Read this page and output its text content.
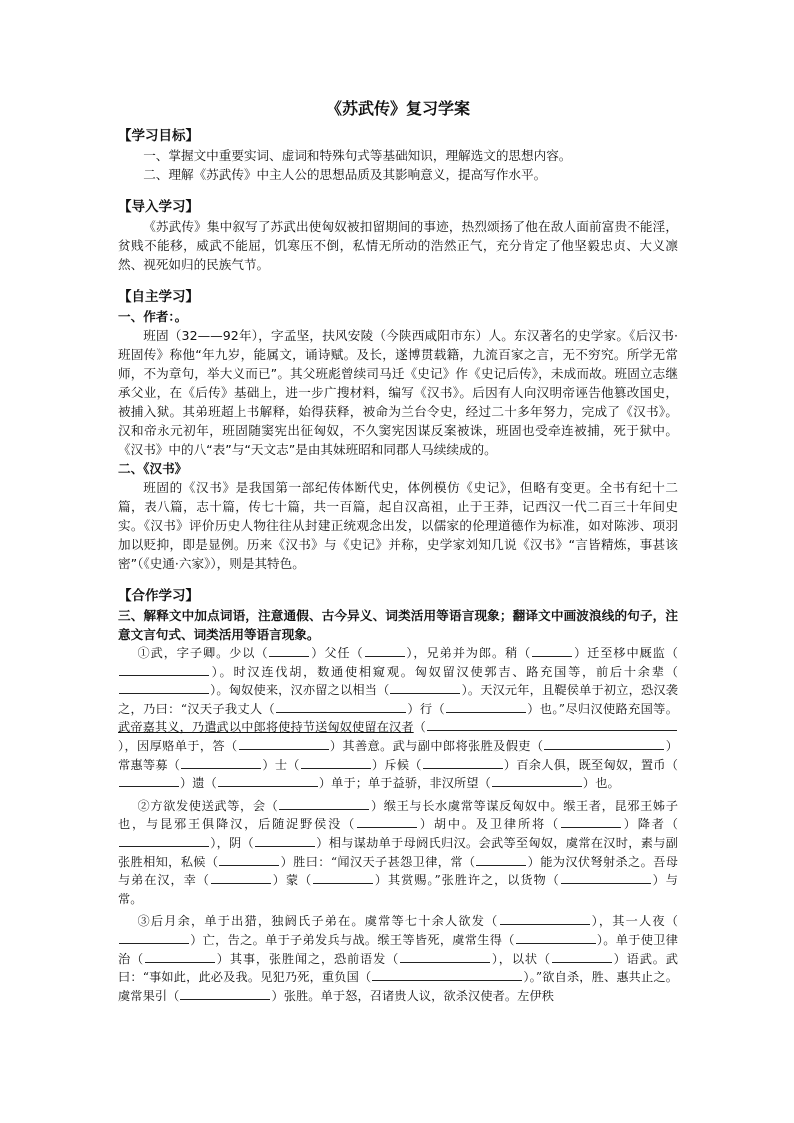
《苏武传》复习学案
【学习目标】
一、掌握文中重要实词、虚词和特殊句式等基础知识，理解选文的思想内容。
二、理解《苏武传》中主人公的思想品质及其影响意义，提高写作水平。
【导入学习】
《苏武传》集中叙写了苏武出使匈奴被扣留期间的事迹，热烈颂扬了他在敌人面前富贵不能淫，贫贱不能移，威武不能屈，饥寒压不倒，私情无所动的浩然正气，充分肯定了他坚毅忠贞、大义凛然、视死如归的民族气节。
【自主学习】
一、作者：。
班固（32——92年），字孟坚，扶风安陵（今陕西咸阳市东）人。东汉著名的史学家。《后汉书·班固传》称他“年九岁，能属文，诵诗赋。及长，遂博贯载籍，九流百家之言，无不穷究。所学无常师，不为章句，举大义而已”。其父班彪曾续司马迁《史记》作《史记后传》，未成而故。班固立志继承父业，在《后传》基础上，进一步广搜材料，编写《汉书》。后因有人向汉明帝诬告他篡改国史，被捕入狱。其弟班超上书解释，始得获释，被命为兰台令史，经过二十多年努力，完成了《汉书》。汉和帝永元初年，班固随窦宪出征匈奴，不久窦宪因谋反案被诛，班固也受牵连被捕，死于狱中。《汉书》中的八“表”与“天文志”是由其妹班昭和同郡人马续续成的。
二、《汉书》
班固的《汉书》是我国第一部纪传体断代史，体例模仿《史记》，但略有变更。全书有纪十二篇，表八篇，志十篇，传七十篇，共一百篇，起自汉高祖，止于王莽，记西汉一代二百三十年间史实。《汉书》评价历史人物往往从封建正统观念出发，以儒家的伦理道德作为标准，如对陈涉、项羽加以贬抑，即是显例。历来《汉书》与《史记》并称，史学家刘知几说《汉书》“言皆精炼，事甚该密”（《史通·六家》），则是其特色。
【合作学习】
三、解释文中加点词语，注意通假、古今异义、词类活用等语言现象；翻译文中画波浪线的句子，注意文言句式、词类活用等语言现象。
①武，字子卿。少以（	）父任（	），兄弟并为郎。稍（	）迁至栘中厩监（）。时汉连伐胡，数通使相窥观。匈奴留汉使郭吉、路充国等，前后十余辈（）。匈奴使来，汉亦留之以相当（	）。天汉元年，且鞮侯单于初立，恐汉袭之，乃曰：“汉天子我丈人（	）行（	）也。”尽归汉使路充国等。武帝嘉其义，乃遣武以中郎将使持节送匈奴使留在汉者（），因厚赂单于，答（	）其善意。武与副中郎将张胜及假吏（	）常惠等募（	）士（	）斥候（	）百余人俱，既至匈奴，置币（）遗（	）单于；单于益骄，非汉所望（	）也。
②方欲发使送武等，会（	）缑王与长水虞常等谋反匈奴中。缑王者，昆邪王姊子也，与昆邪王俱降汉，后随浞野侯没（	）胡中。及卫律所将（	）降者（），阴（	）相与谋劫单于母阏氏归汉。会武等至匈奴，虞常在汉时，素与副张胜相知，私候（	）胜曰：“闻汉天子甚怨卫律，常（	）能为汉伏弩射杀之。吾母与弟在汉，幸（	）蒙（	）其赏赐。”张胜许之，以货物（	）与常。
③后月余，单于出猎，独阏氏子弟在。虞常等七十余人欲发（	），其一人夜（）亡，告之。单于子弟发兵与战。缑王等皆死，虞常生得（	）。单于使卫律治（	）其事，张胜闻之，恐前语发（	），以状（	）语武。武曰：“事如此，此必及我。见犯乃死，重负国（	）。”欲自杀，胜、惠共止之。虞常果引（	）张胜。单于怒，召诸贵人议，欲杀汉使者。左伊秩
